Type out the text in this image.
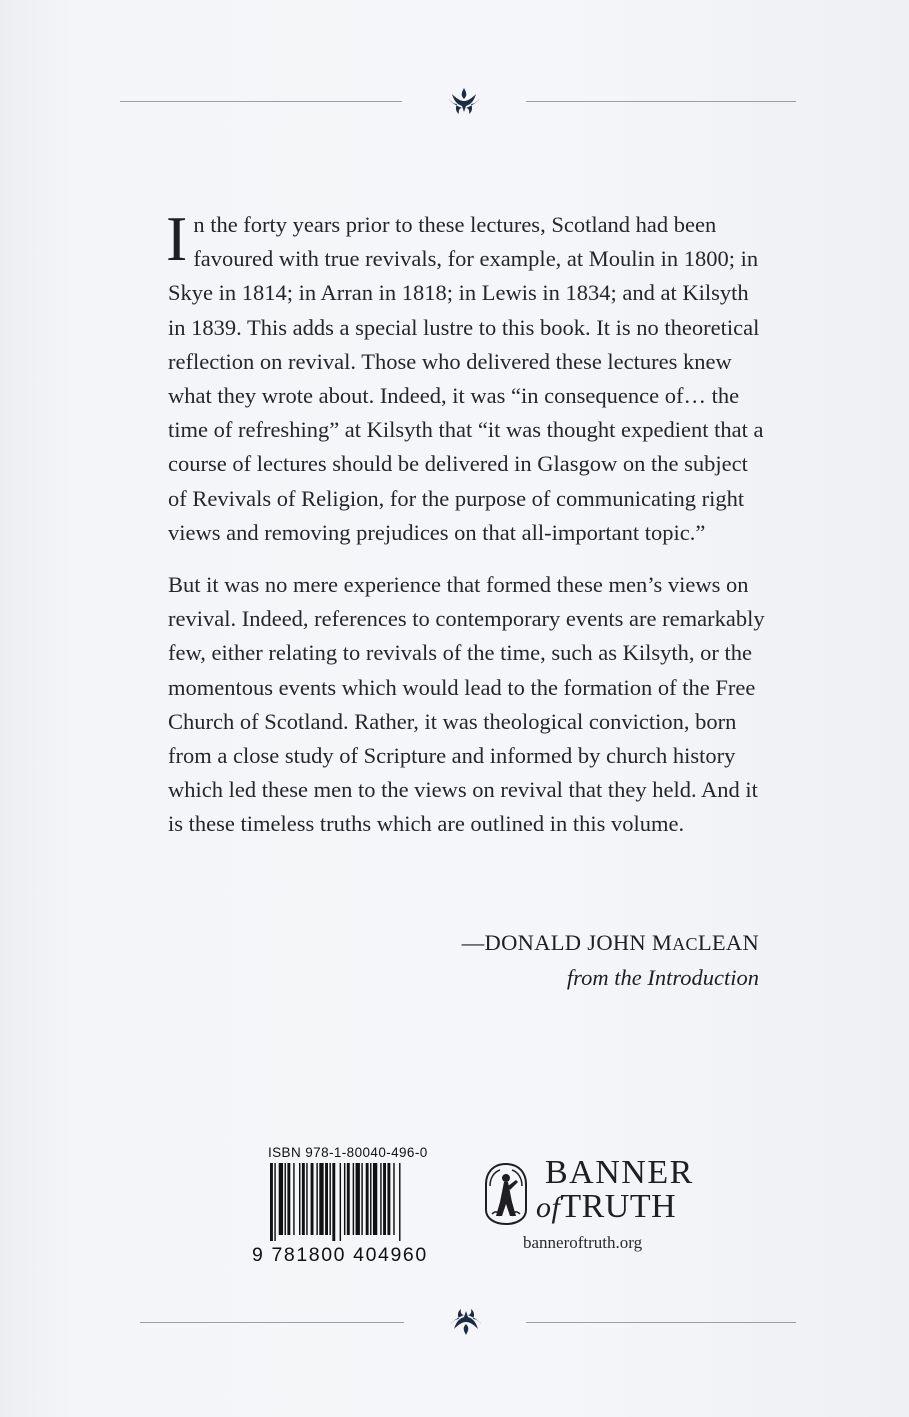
In the forty years prior to these lectures, Scotland had been favoured with true revivals, for example, at Moulin in 1800; in Skye in 1814; in Arran in 1818; in Lewis in 1834; and at Kilsyth in 1839. This adds a special lustre to this book. It is no theoretical reflection on revival. Those who delivered these lectures knew what they wrote about. Indeed, it was “in consequence of… the time of refreshing” at Kilsyth that “it was thought expedient that a course of lectures should be delivered in Glasgow on the subject of Revivals of Religion, for the purpose of communicating right views and removing prejudices on that all-important topic.”

But it was no mere experience that formed these men’s views on revival. Indeed, references to contemporary events are remarkably few, either relating to revivals of the time, such as Kilsyth, or the momentous events which would lead to the formation of the Free Church of Scotland. Rather, it was theological conviction, born from a close study of Scripture and informed by church history which led these men to the views on revival that they held. And it is these timeless truths which are outlined in this volume.

—DONALD JOHN MACLEAN
from the Introduction
ISBN 978-1-80040-496-0
9 781800 404960
BANNER
ofTRUTH
banneroftruth.org
